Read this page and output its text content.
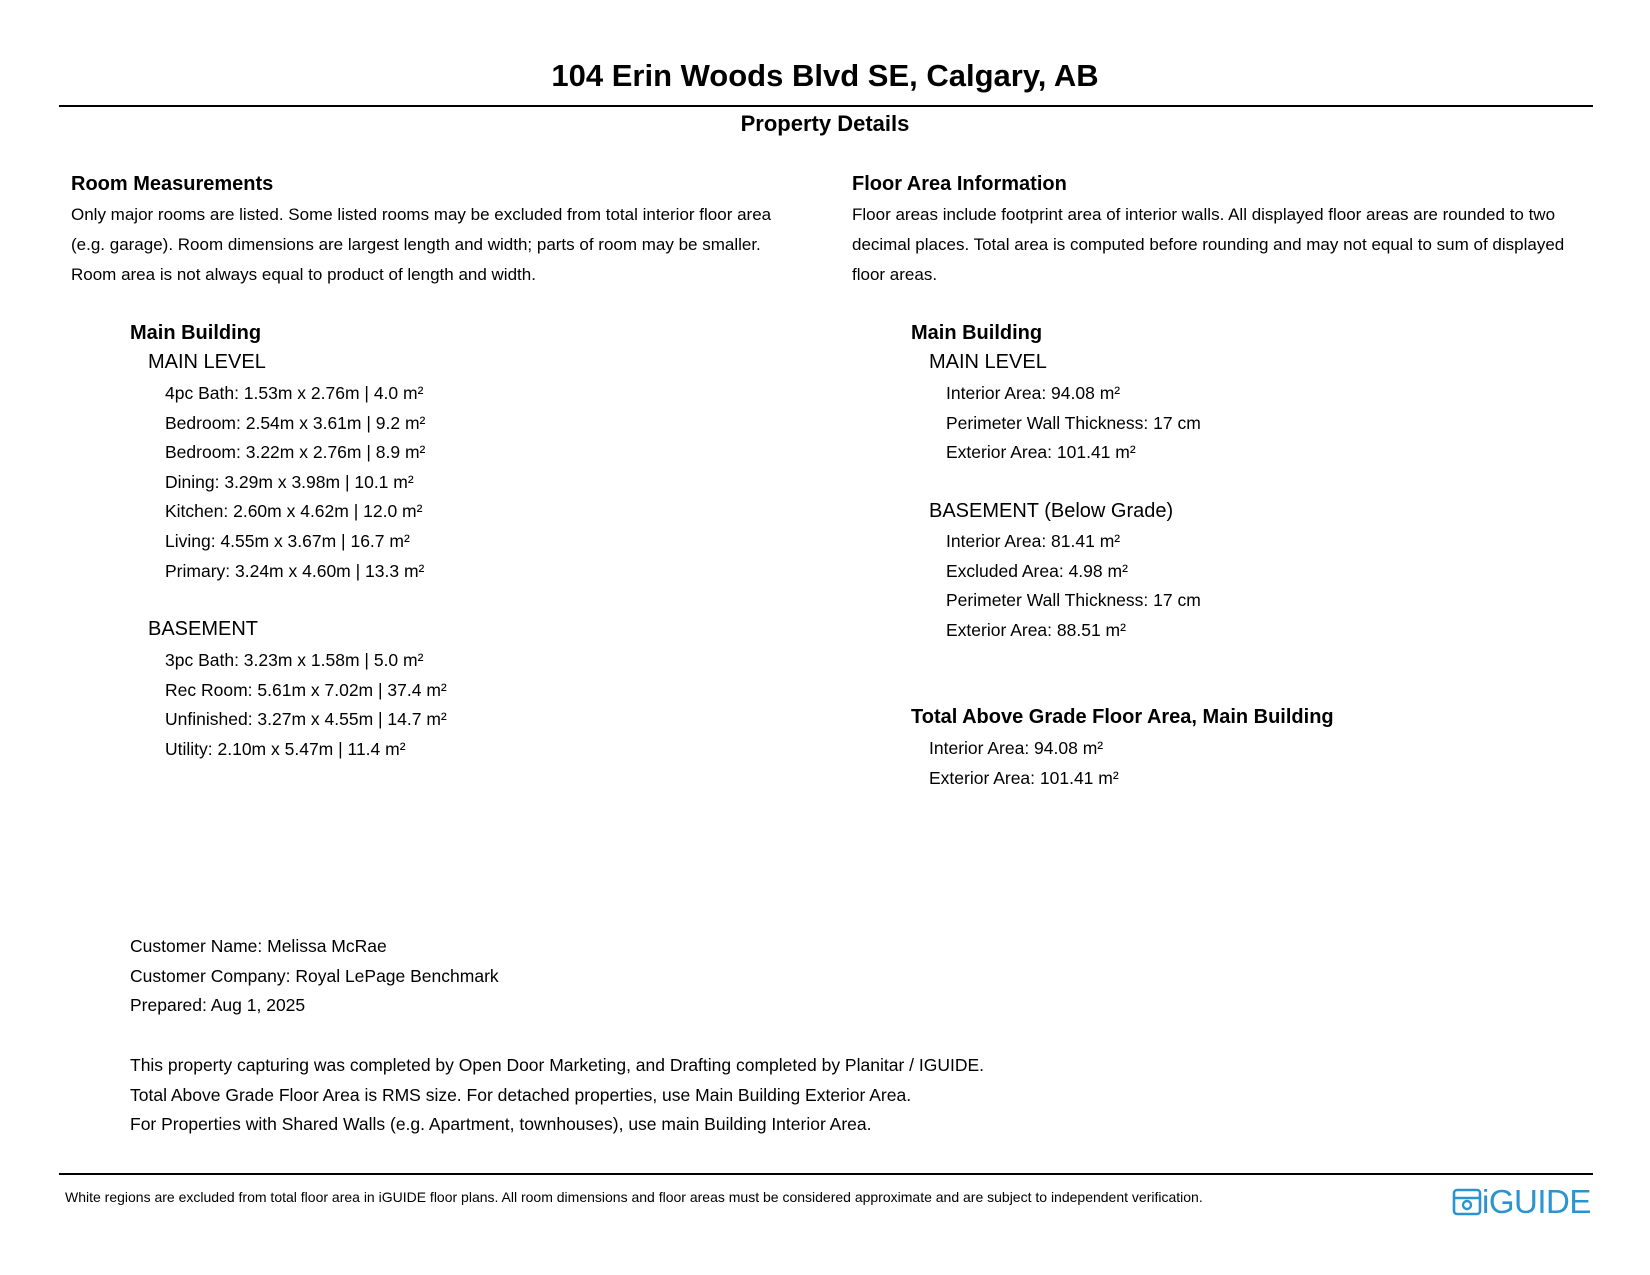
104 Erin Woods Blvd SE, Calgary, AB
Property Details
Room Measurements
Only major rooms are listed. Some listed rooms may be excluded from total interior floor area
(e.g. garage). Room dimensions are largest length and width; parts of room may be smaller.
Room area is not always equal to product of length and width.
Main Building
MAIN LEVEL
4pc Bath: 1.53m x 2.76m | 4.0 m²
Bedroom: 2.54m x 3.61m | 9.2 m²
Bedroom: 3.22m x 2.76m | 8.9 m²
Dining: 3.29m x 3.98m | 10.1 m²
Kitchen: 2.60m x 4.62m | 12.0 m²
Living: 4.55m x 3.67m | 16.7 m²
Primary: 3.24m x 4.60m | 13.3 m²
BASEMENT
3pc Bath: 3.23m x 1.58m | 5.0 m²
Rec Room: 5.61m x 7.02m | 37.4 m²
Unfinished: 3.27m x 4.55m | 14.7 m²
Utility: 2.10m x 5.47m | 11.4 m²
Floor Area Information
Floor areas include footprint area of interior walls. All displayed floor areas are rounded to two
decimal places. Total area is computed before rounding and may not equal to sum of displayed
floor areas.
Main Building
MAIN LEVEL
Interior Area: 94.08 m²
Perimeter Wall Thickness: 17 cm
Exterior Area: 101.41 m²
BASEMENT (Below Grade)
Interior Area: 81.41 m²
Excluded Area: 4.98 m²
Perimeter Wall Thickness: 17 cm
Exterior Area: 88.51 m²
Total Above Grade Floor Area, Main Building
Interior Area: 94.08 m²
Exterior Area: 101.41 m²
Customer Name: Melissa McRae
Customer Company: Royal LePage Benchmark
Prepared: Aug 1, 2025
This property capturing was completed by Open Door Marketing, and Drafting completed by Planitar / IGUIDE.
Total Above Grade Floor Area is RMS size. For detached properties, use Main Building Exterior Area.
For Properties with Shared Walls (e.g. Apartment, townhouses), use main Building Interior Area.
White regions are excluded from total floor area in iGUIDE floor plans. All room dimensions and floor areas must be considered approximate and are subject to independent verification.	iGUIDE
